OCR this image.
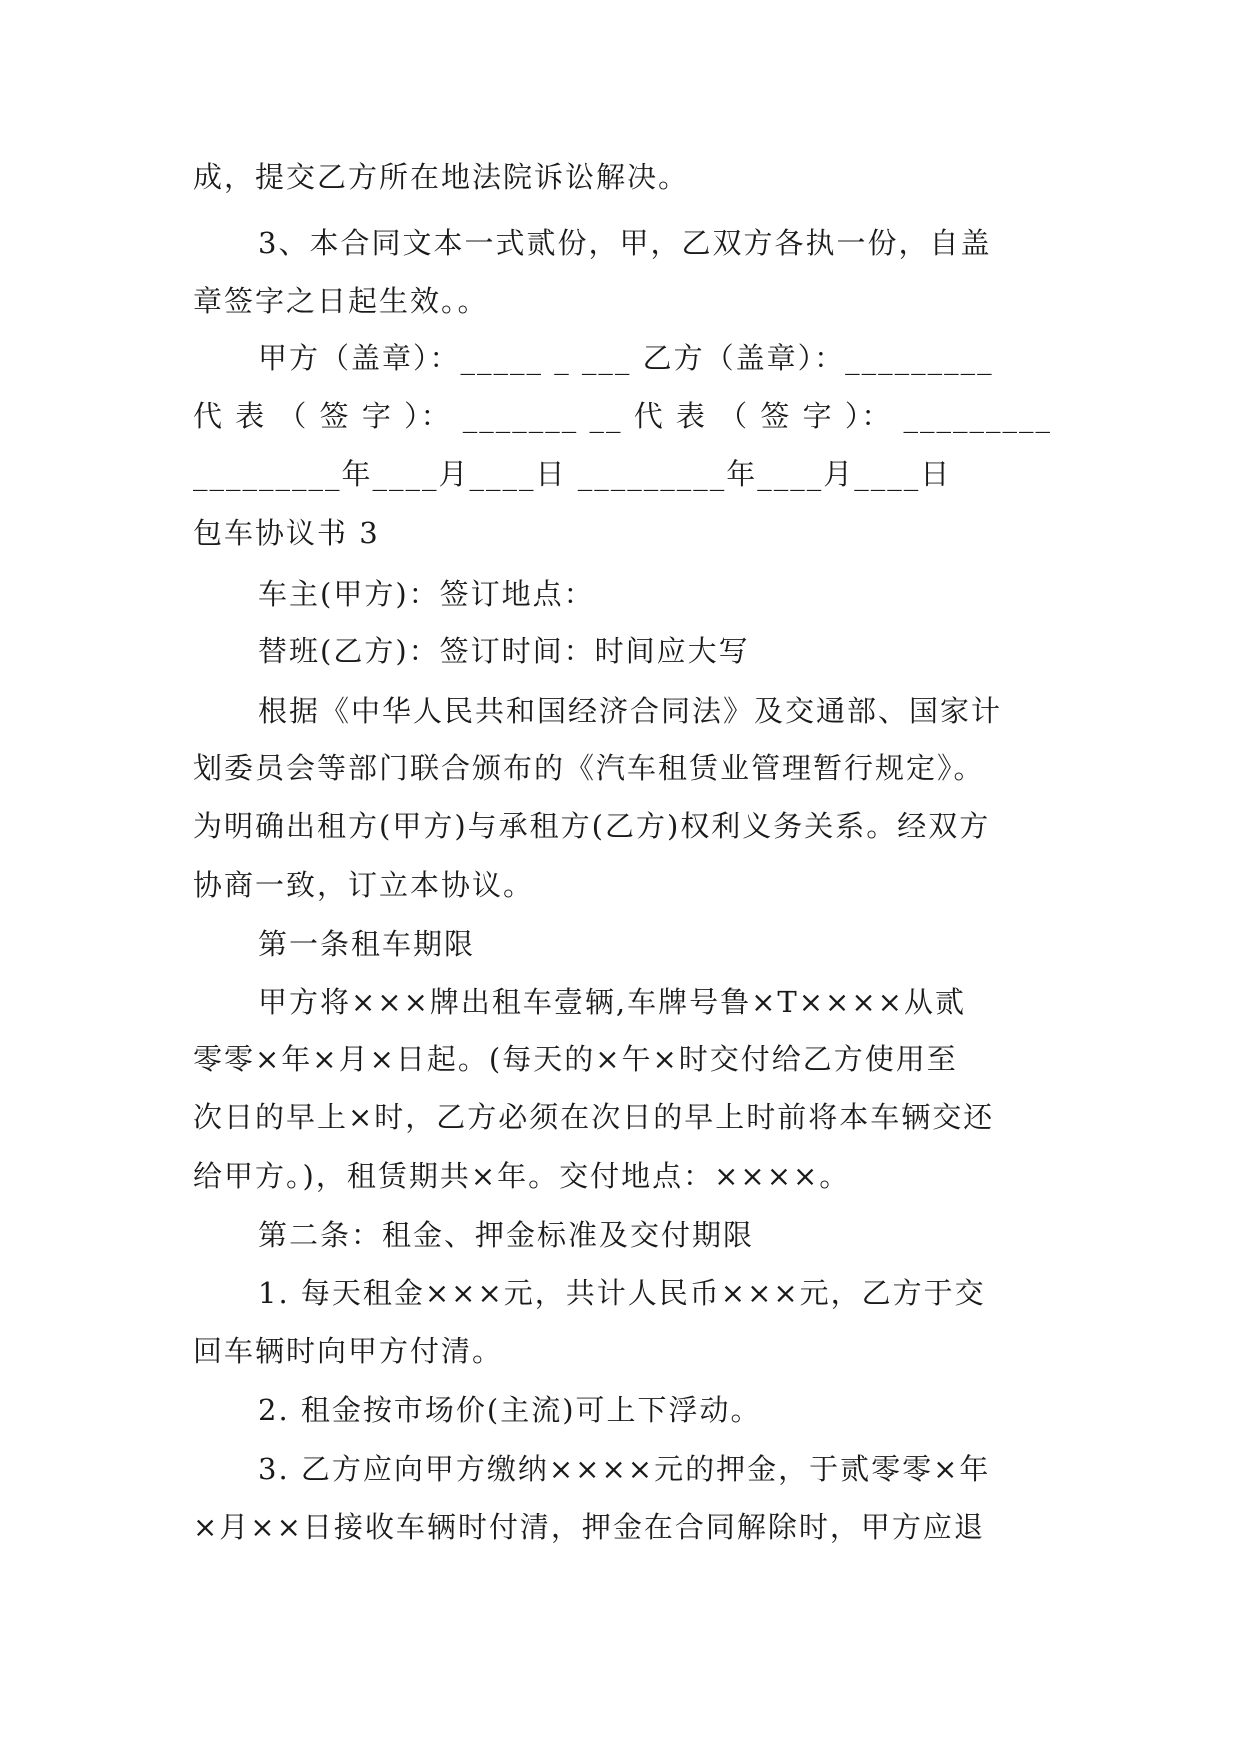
成，提交乙方所在地法院诉讼解决。

3、本合同文本一式贰份，甲，乙双方各执一份，自盖

章签字之日起生效。。

甲方（盖章）：_____ _ ___ 乙方（盖章）：_________

代 表 （ 签 字 ）： _______ __ 代 表 （ 签 字 ）： _________

_________年____月____日 _________年____月____日

包车协议书 3

车主(甲方)：签订地点：

替班(乙方)：签订时间：时间应大写

根据《中华人民共和国经济合同法》及交通部、国家计

划委员会等部门联合颁布的《汽车租赁业管理暂行规定》。

为明确出租方(甲方)与承租方(乙方)权利义务关系。经双方

协商一致，订立本协议。

第一条租车期限

甲方将×××牌出租车壹辆,车牌号鲁×T××××从贰

零零×年×月×日起。(每天的×午×时交付给乙方使用至

次日的早上×时，乙方必须在次日的早上时前将本车辆交还

给甲方。)，租赁期共×年。交付地点：××××。

第二条：租金、押金标准及交付期限

1. 每天租金×××元，共计人民币×××元，乙方于交

回车辆时向甲方付清。

2. 租金按市场价(主流)可上下浮动。

3. 乙方应向甲方缴纳××××元的押金，于贰零零×年

×月××日接收车辆时付清，押金在合同解除时，甲方应退
